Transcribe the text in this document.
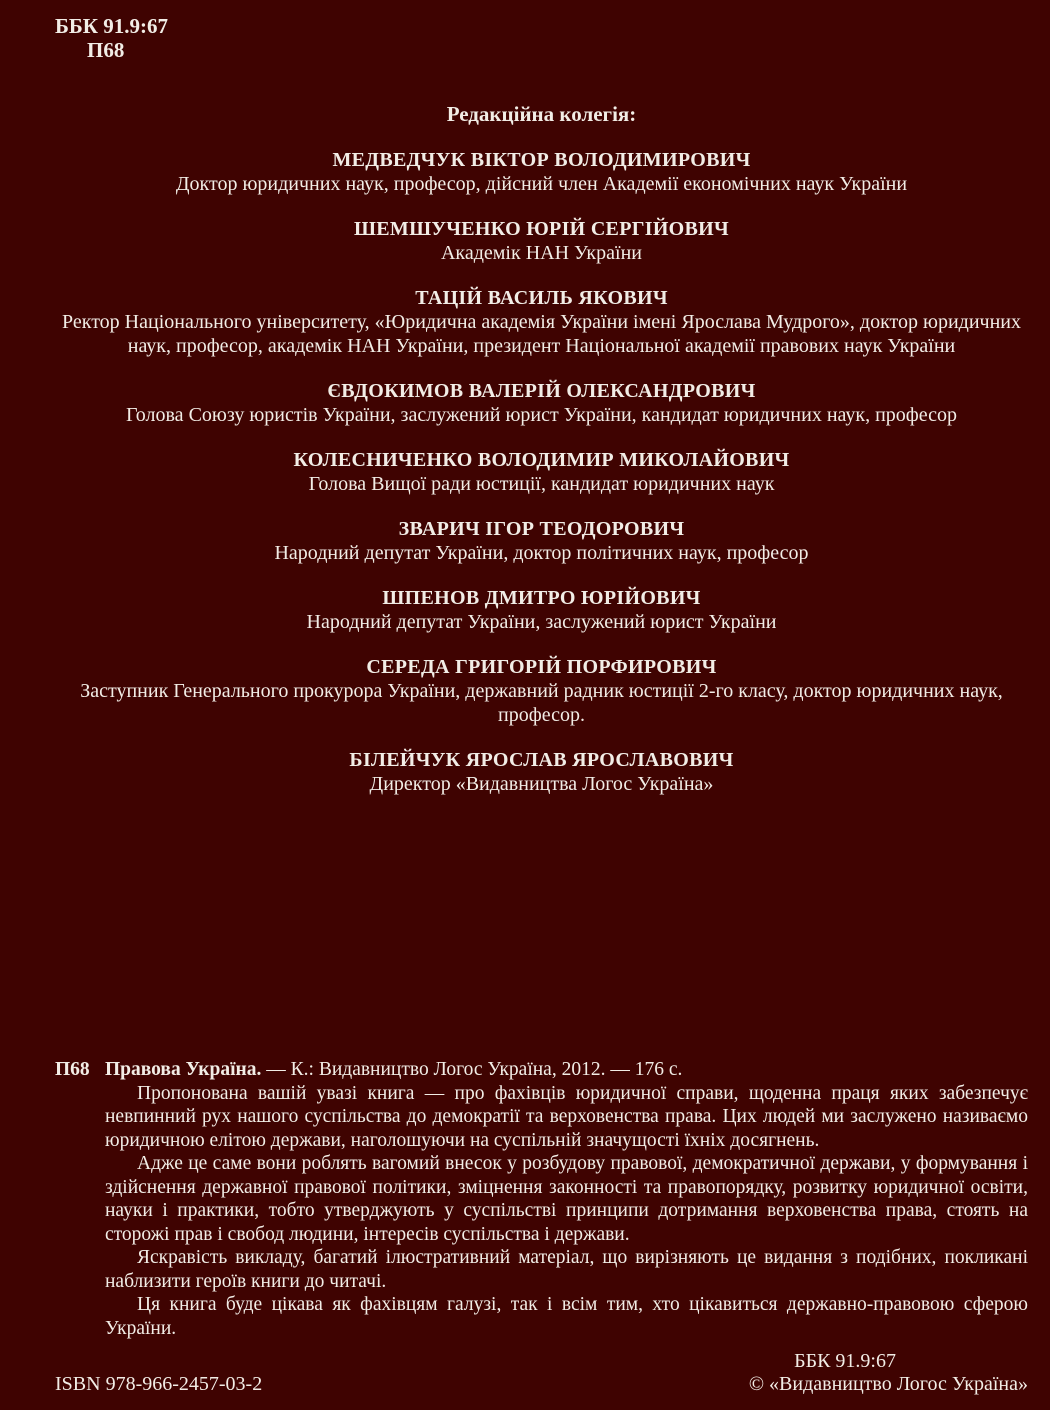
ББК 91.9:67
П68
Редакційна колегія:
МЕДВЕДЧУК ВІКТОР ВОЛОДИМИРОВИЧ
Доктор юридичних наук, професор, дійсний член Академії економічних наук України
ШЕМШУЧЕНКО ЮРІЙ СЕРГІЙОВИЧ
Академік НАН України
ТАЦІЙ ВАСИЛЬ ЯКОВИЧ
Ректор Національного університету, «Юридична академія України імені Ярослава Мудрого», доктор юридичних наук, професор, академік НАН України, президент Національної академії правових наук України
ЄВДОКИМОВ ВАЛЕРІЙ ОЛЕКСАНДРОВИЧ
Голова Союзу юристів України, заслужений юрист України, кандидат юридичних наук, професор
КОЛЕСНИЧЕНКО ВОЛОДИМИР МИКОЛАЙОВИЧ
Голова Вищої ради юстиції, кандидат юридичних наук
ЗВАРИЧ ІГОР ТЕОДОРОВИЧ
Народний депутат України, доктор політичних наук, професор
ШПЕНОВ ДМИТРО ЮРІЙОВИЧ
Народний депутат України, заслужений юрист України
СЕРЕДА ГРИГОРІЙ ПОРФИРОВИЧ
Заступник Генерального прокурора України, державний радник юстиції 2-го класу, доктор юридичних наук, професор.
БІЛЕЙЧУК ЯРОСЛАВ ЯРОСЛАВОВИЧ
Директор «Видавництва Логос Україна»
П68 Правова Україна. — К.: Видавництво Логос Україна, 2012. — 176 с.

Пропонована вашій увазі книга — про фахівців юридичної справи, щоденна праця яких забезпечує невпинний рух нашого суспільства до демократії та верховенства права. Цих людей ми заслужено називаємо юридичною елітою держави, наголошуючи на суспільній значущості їхніх досягнень.

Адже це саме вони роблять вагомий внесок у розбудову правової, демократичної держави, у формування і здійснення державної правової політики, зміцнення законності та правопорядку, розвитку юридичної освіти, науки і практики, тобто утверджують у суспільстві принципи дотримання верховенства права, стоять на сторожі прав і свобод людини, інтересів суспільства і держави.

Яскравість викладу, багатий ілюстративний матеріал, що вирізняють це видання з подібних, покликані наблизити героїв книги до читачі.

Ця книга буде цікава як фахівцям галузі, так і всім тим, хто цікавиться державно-правовою сферою України.

ББК 91.9:67
ISBN 978-966-2457-03-2	© «Видавництво Логос Україна»
